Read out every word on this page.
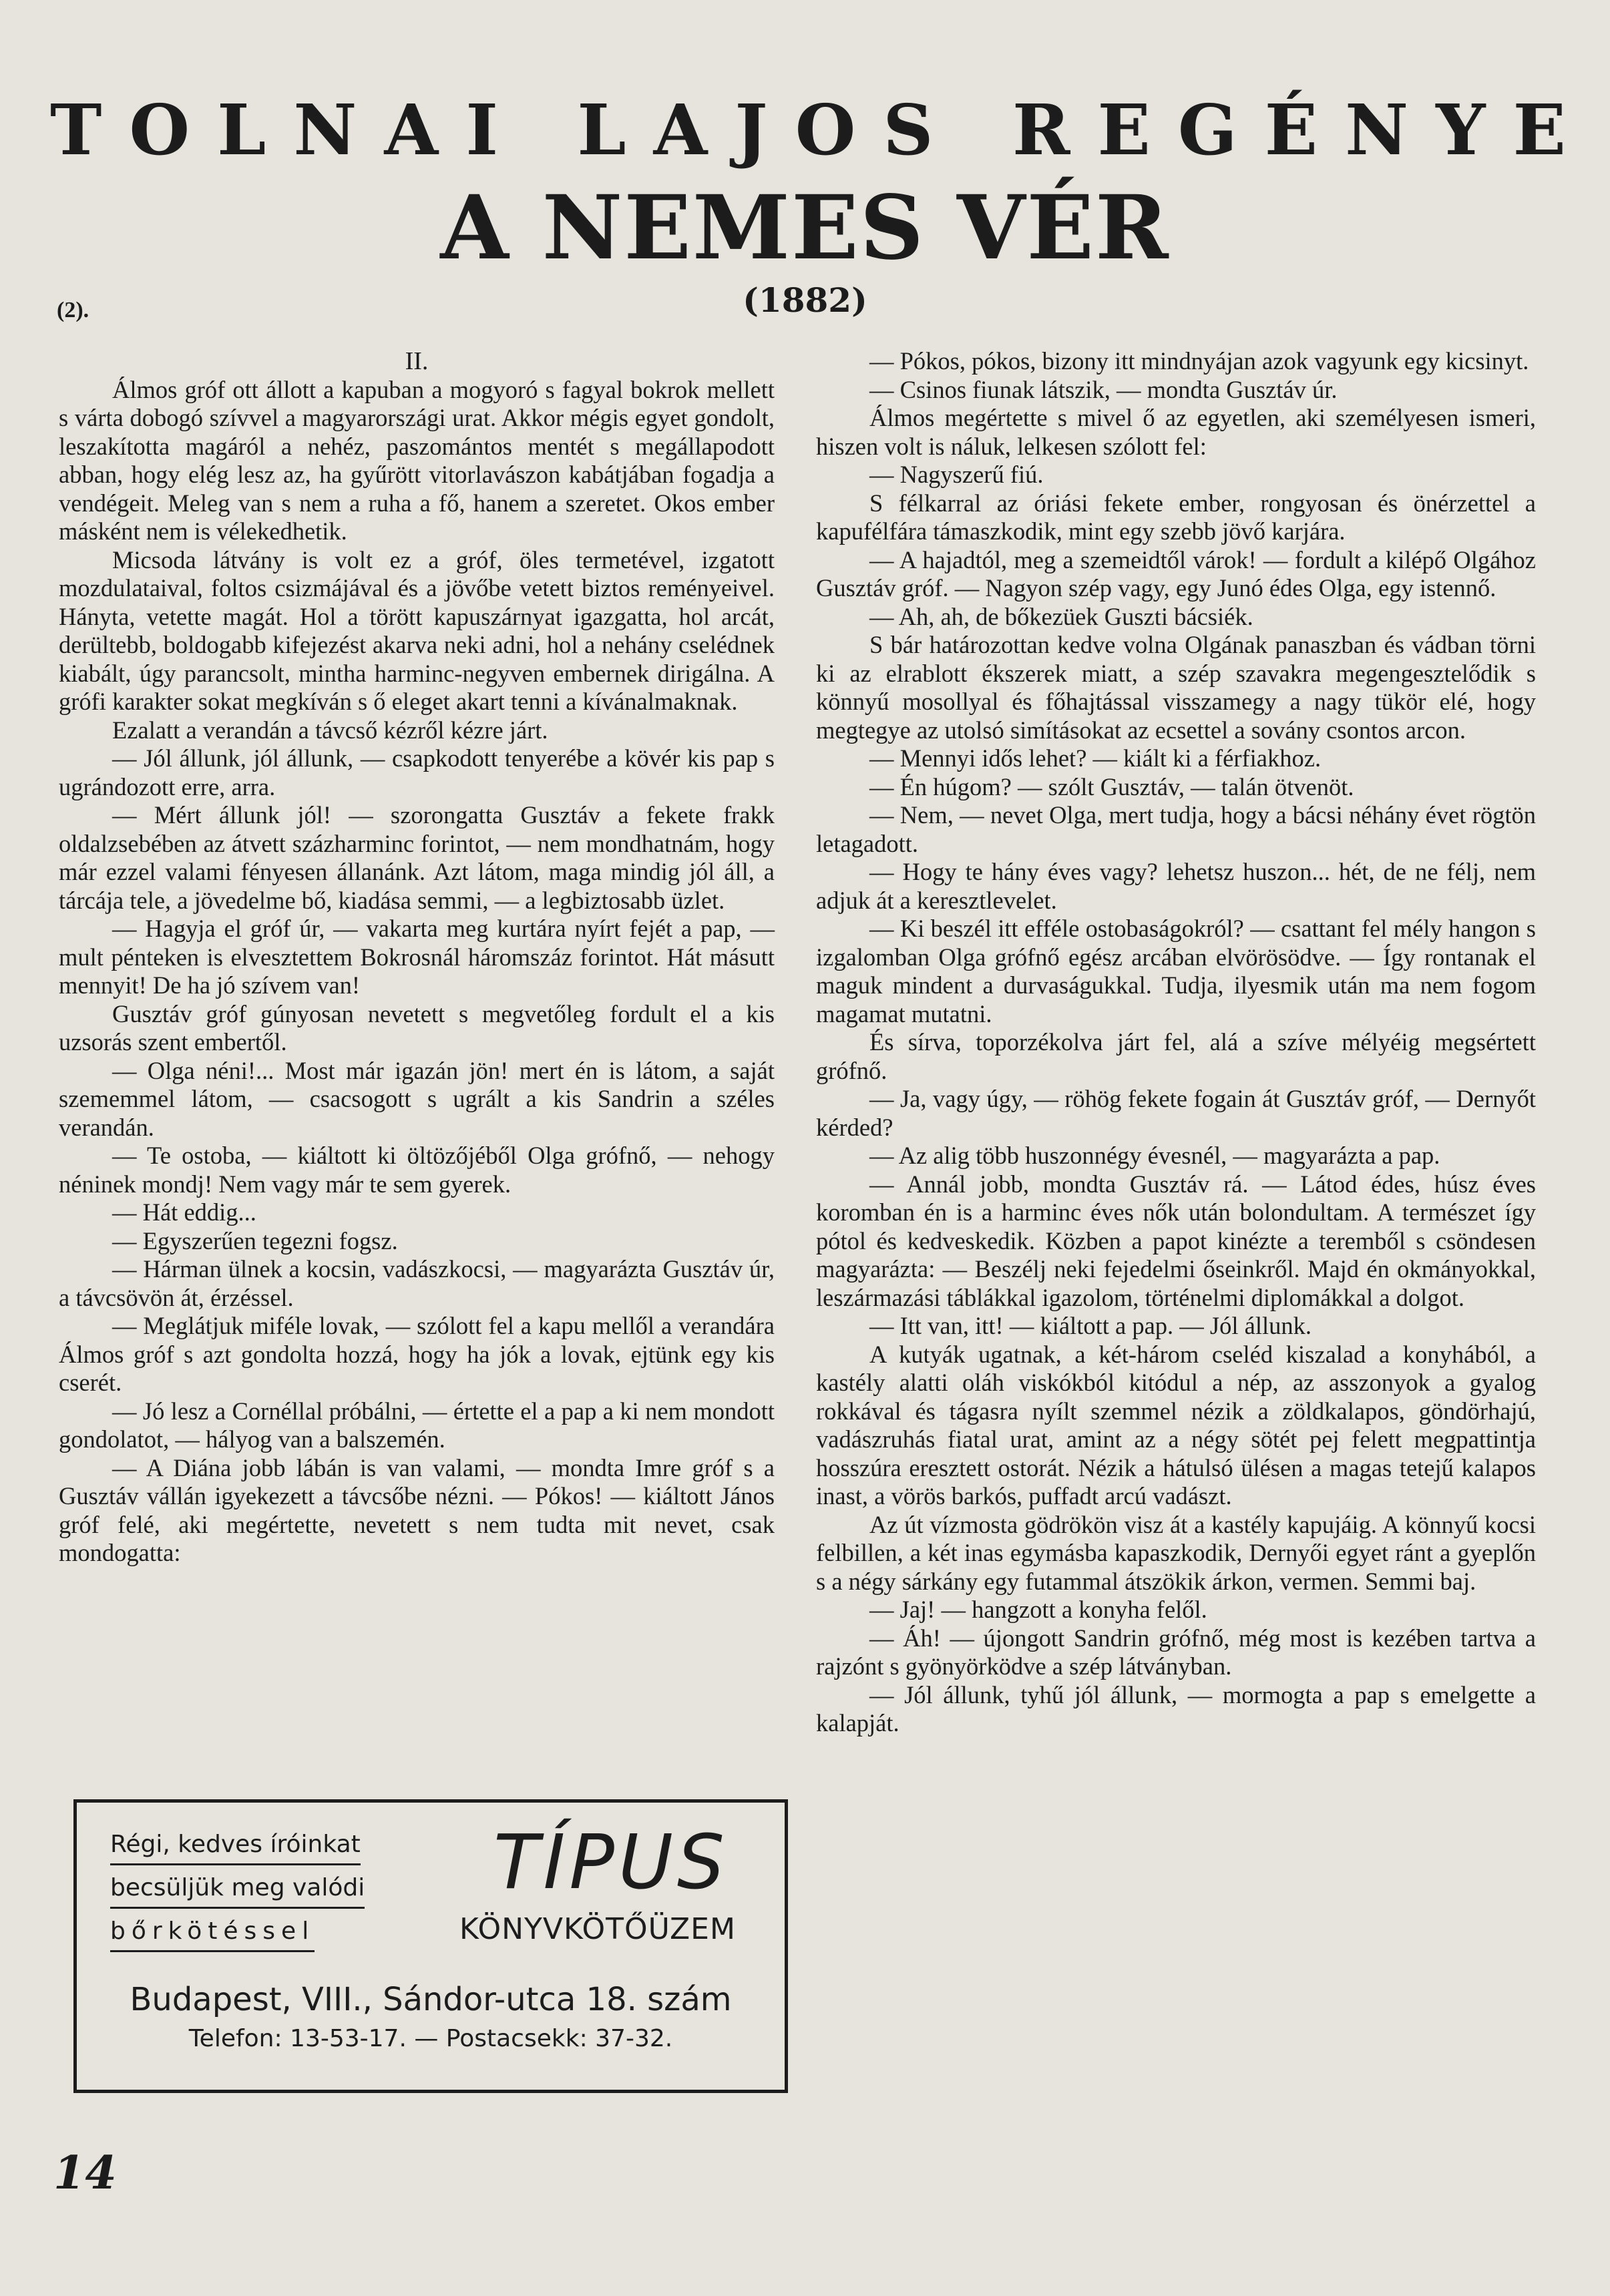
T O L N A I
L A J O S
R E G É N Y E
A NEMES VÉR
(2).	(1882)

II.

Álmos gróf ott állott a kapuban a mogyoró s fagyal bokrok mellett s várta dobogó szívvel a magyarországi urat. Akkor mégis egyet gondolt, leszakította magáról a nehéz, paszomántos mentét s megállapodott abban, hogy elég lesz az, ha gyűrött vitorlavászon kabátjában fogadja a vendégeit. Meleg van s nem a ruha a fő, hanem a szeretet. Okos ember másként nem is vélekedhetik.

Micsoda látvány is volt ez a gróf, öles termetével, izgatott mozdulataival, foltos csizmájával és a jövőbe vetett biztos reményeivel. Hányta, vetette magát. Hol a törött kapuszárnyat igazgatta, hol arcát, derültebb, boldogabb kifejezést akarva neki adni, hol a nehány cselédnek kiabált, úgy parancsolt, mintha harminc-negyven embernek dirigálna. A grófi karakter sokat megkíván s ő eleget akart tenni a kívánalmaknak.

Ezalatt a verandán a távcső kézről kézre járt.

— Jól állunk, jól állunk, — csapkodott tenyerébe a kövér kis pap s ugrándozott erre, arra.

— Mért állunk jól! — szorongatta Gusztáv a fekete frakk oldalzsebében az átvett százharminc forintot, — nem mondhatnám, hogy már ezzel valami fényesen állanánk. Azt látom, maga mindig jól áll, a tárcája tele, a jövedelme bő, kiadása semmi, — a legbiztosabb üzlet.

— Hagyja el gróf úr, — vakarta meg kurtára nyírt fejét a pap, — mult pénteken is elvesztettem Bokrosnál háromszáz forintot. Hát másutt mennyit! De ha jó szívem van!

Gusztáv gróf gúnyosan nevetett s megvetőleg fordult el a kis uzsorás szent embertől.

— Olga néni!... Most már igazán jön! mert én is látom, a saját szememmel látom, — csacsogott s ugrált a kis Sandrin a széles verandán.

— Te ostoba, — kiáltott ki öltözőjéből Olga grófnő, — nehogy néninek mondj! Nem vagy már te sem gyerek.

— Hát eddig...

— Egyszerűen tegezni fogsz.

— Hárman ülnek a kocsin, vadászkocsi, — magyarázta Gusztáv úr, a távcsövön át, érzéssel.

— Meglátjuk miféle lovak, — szólott fel a kapu mellől a verandára Álmos gróf s azt gondolta hozzá, hogy ha jók a lovak, ejtünk egy kis cserét.

— Jó lesz a Cornéllal próbálni, — értette el a pap a ki nem mondott gondolatot, — hályog van a balszemén.

— A Diána jobb lábán is van valami, — mondta Imre gróf s a Gusztáv vállán igyekezett a távcsőbe nézni. — Pókos! — kiáltott János gróf felé, aki megértette, nevetett s nem tudta mit nevet, csak mondogatta:

— Pókos, pókos, bizony itt mindnyájan azok vagyunk egy kicsinyt.

— Csinos fiunak látszik, — mondta Gusztáv úr.

Álmos megértette s mivel ő az egyetlen, aki személyesen ismeri, hiszen volt is náluk, lelkesen szólott fel:

— Nagyszerű fiú.

S félkarral az óriási fekete ember, rongyosan és önérzettel a kapufélfára támaszkodik, mint egy szebb jövő karjára.

— A hajadtól, meg a szemeidtől várok! — fordult a kilépő Olgához Gusztáv gróf. — Nagyon szép vagy, egy Junó édes Olga, egy istennő.

— Ah, ah, de bőkezüek Guszti bácsiék.

S bár határozottan kedve volna Olgának panaszban és vádban törni ki az elrablott ékszerek miatt, a szép szavakra megengesztelődik s könnyű mosollyal és főhajtással visszamegy a nagy tükör elé, hogy megtegye az utolsó simításokat az ecsettel a sovány csontos arcon.

— Mennyi idős lehet? — kiált ki a férfiakhoz.

— Én húgom? — szólt Gusztáv, — talán ötvenöt.

— Nem, — nevet Olga, mert tudja, hogy a bácsi néhány évet rögtön letagadott.

— Hogy te hány éves vagy? lehetsz huszon... hét, de ne félj, nem adjuk át a keresztlevelet.

— Ki beszél itt efféle ostobaságokról? — csattant fel mély hangon s izgalomban Olga grófnő egész arcában elvörösödve. — Így rontanak el maguk mindent a durvaságukkal. Tudja, ilyesmik után ma nem fogom magamat mutatni.

És sírva, toporzékolva járt fel, alá a szíve mélyéig megsértett grófnő.

— Ja, vagy úgy, — röhög fekete fogain át Gusztáv gróf, — Dernyőt kérded?

— Az alig több huszonnégy évesnél, — magyarázta a pap.

— Annál jobb, mondta Gusztáv rá. — Látod édes, húsz éves koromban én is a harminc éves nők után bolondultam. A természet így pótol és kedveskedik. Közben a papot kinézte a teremből s csöndesen magyarázta: — Beszélj neki fejedelmi őseinkről. Majd én okmányokkal, leszármazási táblákkal igazolom, történelmi diplomákkal a dolgot.

— Itt van, itt! — kiáltott a pap. — Jól állunk.

A kutyák ugatnak, a két-három cseléd kiszalad a konyhából, a kastély alatti oláh viskókból kitódul a nép, az asszonyok a gyalog rokkával és tágasra nyílt szemmel nézik a zöldkalapos, göndörhajú, vadászruhás fiatal urat, amint az a négy sötét pej felett megpattintja hosszúra eresztett ostorát. Nézik a hátulsó ülésen a magas tetejű kalapos inast, a vörös barkós, puffadt arcú vadászt.

Az út vízmosta gödrökön visz át a kastély kapujáig. A könnyű kocsi felbillen, a két inas egymásba kapaszkodik, Dernyői egyet ránt a gyeplőn s a négy sárkány egy futammal átszökik árkon, vermen. Semmi baj.

— Jaj! — hangzott a konyha felől.

— Áh! — újongott Sandrin grófnő, még most is kezében tartva a rajzónt s gyönyörködve a szép látványban.

— Jól állunk, tyhű jól állunk, — mormogta a pap s emelgette a kalapját.

Régi, kedves íróinkat
becsüljük meg valódi
bőrkötéssel
TÍPUS
KÖNYVKÖTŐÜZEM
Budapest, VIII., Sándor-utca 18. szám
Telefon: 13-53-17. — Postacsekk: 37-32.
14
